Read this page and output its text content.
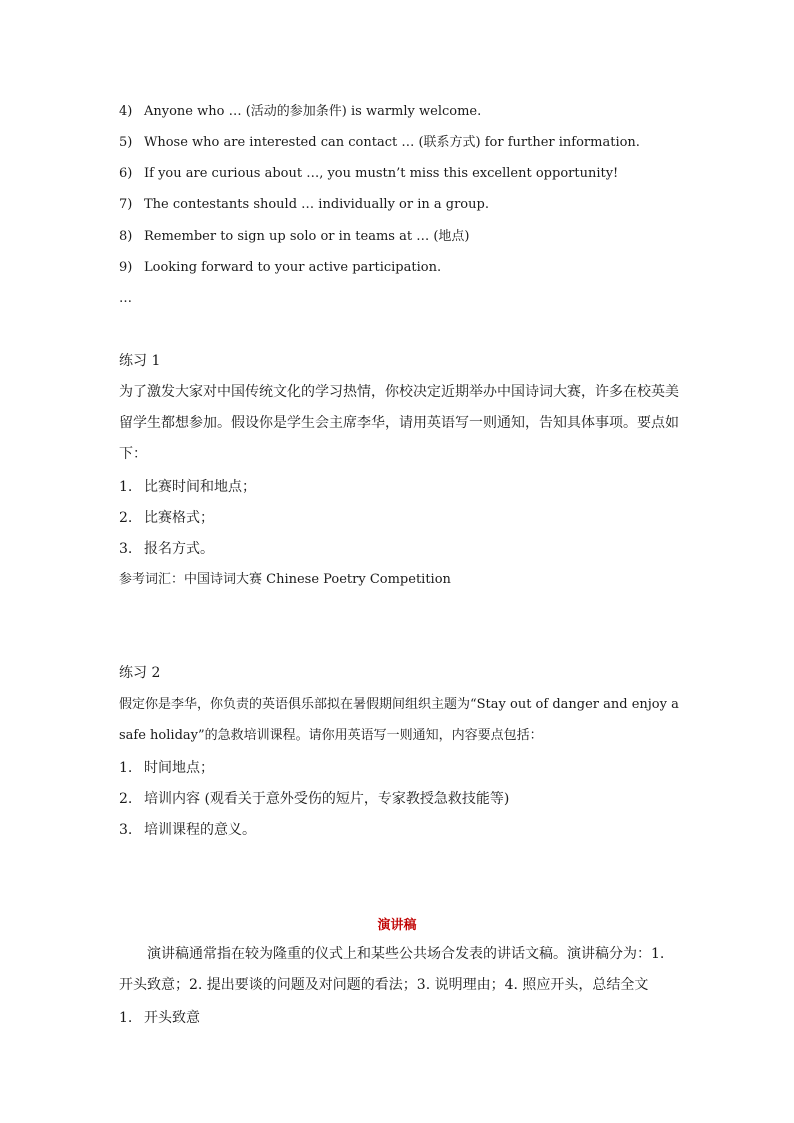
4) Anyone who … (活动的参加条件) is warmly welcome.
5) Whose who are interested can contact … (联系方式) for further information.
6) If you are curious about …, you mustn’t miss this excellent opportunity!
7) The contestants should … individually or in a group.
8) Remember to sign up solo or in teams at … (地点)
9) Looking forward to your active participation.
…
练习 1
为了激发大家对中国传统文化的学习热情，你校决定近期举办中国诗词大赛，许多在校英美留学生都想参加。假设你是学生会主席李华，请用英语写一则通知，告知具体事项。要点如下：
1. 比赛时间和地点；
2. 比赛格式；
3. 报名方式。
参考词汇：中国诗词大赛 Chinese Poetry Competition
练习 2
假定你是李华，你负责的英语俱乐部拟在暑假期间组织主题为“Stay out of danger and enjoy a safe holiday”的急救培训课程。请你用英语写一则通知，内容要点包括：
1. 时间地点；
2. 培训内容 (观看关于意外受伤的短片，专家教授急救技能等)
3. 培训课程的意义。
演讲稿
演讲稿通常指在较为隆重的仪式上和某些公共场合发表的讲话文稿。演讲稿分为：1. 开头致意；2. 提出要谈的问题及对问题的看法；3. 说明理由；4. 照应开头，总结全文
1. 开头致意
